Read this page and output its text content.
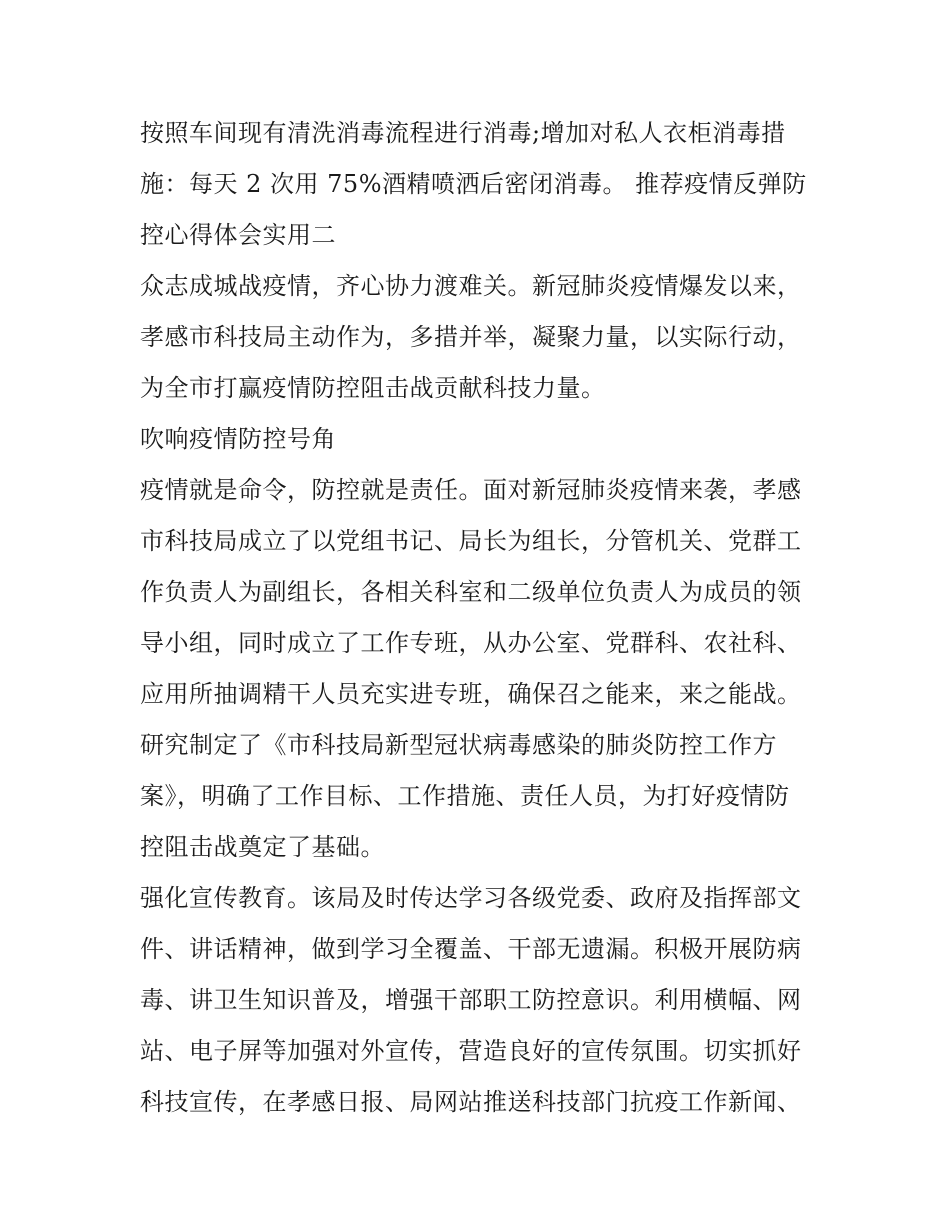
按照车间现有清洗消毒流程进行消毒;增加对私人衣柜消毒措
施：每天 2 次用 75%酒精喷洒后密闭消毒。 推荐疫情反弹防
控心得体会实用二
众志成城战疫情，齐心协力渡难关。新冠肺炎疫情爆发以来，
孝感市科技局主动作为，多措并举，凝聚力量，以实际行动，
为全市打赢疫情防控阻击战贡献科技力量。
吹响疫情防控号角
疫情就是命令，防控就是责任。面对新冠肺炎疫情来袭，孝感
市科技局成立了以党组书记、局长为组长，分管机关、党群工
作负责人为副组长，各相关科室和二级单位负责人为成员的领
导小组，同时成立了工作专班，从办公室、党群科、农社科、
应用所抽调精干人员充实进专班，确保召之能来，来之能战。
研究制定了《市科技局新型冠状病毒感染的肺炎防控工作方
案》，明确了工作目标、工作措施、责任人员，为打好疫情防
控阻击战奠定了基础。
强化宣传教育。该局及时传达学习各级党委、政府及指挥部文
件、讲话精神，做到学习全覆盖、干部无遗漏。积极开展防病
毒、讲卫生知识普及，增强干部职工防控意识。利用横幅、网
站、电子屏等加强对外宣传，营造良好的宣传氛围。切实抓好
科技宣传，在孝感日报、局网站推送科技部门抗疫工作新闻、
